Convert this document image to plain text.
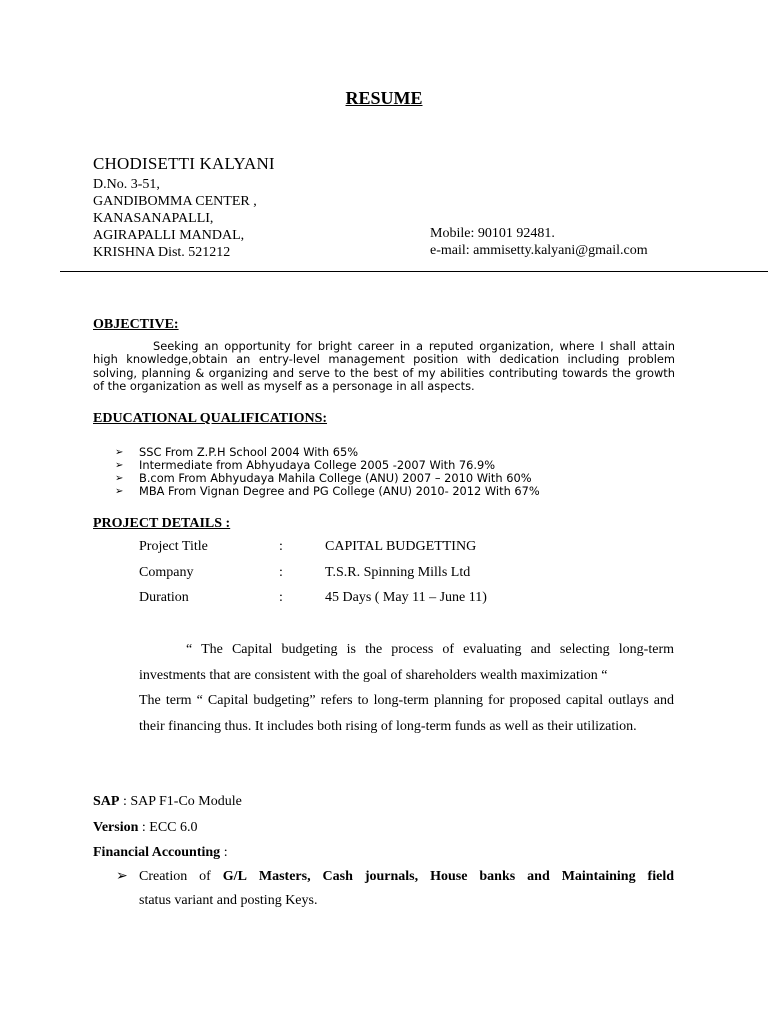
RESUME
CHODISETTI KALYANI
D.No. 3-51,
GANDIBOMMA CENTER ,
KANASANAPALLI,
AGIRAPALLI MANDAL,
KRISHNA Dist. 521212
Mobile: 90101 92481.
e-mail: ammisetty.kalyani@gmail.com
OBJECTIVE:
Seeking an opportunity for bright career in a reputed organization, where I shall attain high knowledge,obtain an entry-level management position with dedication including problem solving, planning & organizing and serve to the best of my abilities contributing towards the growth of the organization as well as myself as a personage in all aspects.
EDUCATIONAL QUALIFICATIONS:
➢	SSC From Z.P.H School 2004 With 65%
➢	Intermediate from Abhyudaya College 2005 -2007 With 76.9%
➢	B.com From Abhyudaya Mahila College (ANU) 2007 – 2010 With 60%
➢	MBA From Vignan Degree and PG College (ANU) 2010- 2012 With 67%
PROJECT DETAILS :
Project Title	:	CAPITAL BUDGETTING
Company	:	T.S.R. Spinning Mills Ltd
Duration	:	45 Days ( May 11 – June 11)

“ The Capital budgeting is the process of evaluating and selecting long-term investments that are consistent with the goal of shareholders wealth maximization “

The term “ Capital budgeting” refers to long-term planning for proposed capital outlays and their financing thus. It includes both rising of long-term funds as well as their utilization.

SAP : SAP F1-Co Module
Version : ECC 6.0
Financial Accounting :
➢ Creation of G/L Masters, Cash journals, House banks and Maintaining field
status variant and posting Keys.
